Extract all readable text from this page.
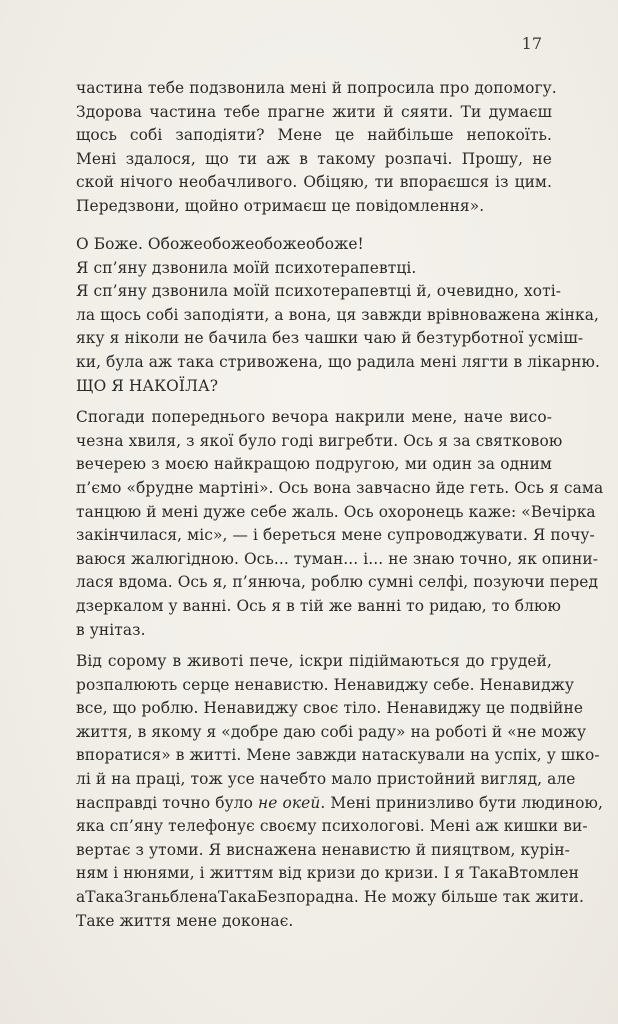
17
частина тебе подзвонила мені й попросила про допомогу.
Здорова частина тебе прагне жити й сяяти. Ти думаєш
щось собі заподіяти? Мене це найбільше непокоїть.
Мені здалося, що ти аж в такому розпачі. Прошу, не
ской нічого необачливого. Обіцяю, ти впораєшся із цим.
Передзвони, щойно отримаєш це повідомлення».
О Боже. Обожеобожеобожеобоже!
Я сп’яну дзвонила моїй психотерапевтці.
Я сп’яну дзвонила моїй психотерапевтці й, очевидно, хоті-
ла щось собі заподіяти, а вона, ця завжди врівноважена жінка,
яку я ніколи не бачила без чашки чаю й безтурботної усміш-
ки, була аж така стривожена, що радила мені лягти в лікарню.
ЩО Я НАКОЇЛА?
Спогади попереднього вечора накрили мене, наче висо-
чезна хвиля, з якої було годі вигребти. Ось я за святковою
вечерею з моєю найкращою подругою, ми один за одним
п’ємо «брудне мартіні». Ось вона завчасно йде геть. Ось я сама
танцюю й мені дуже себе жаль. Ось охоронець каже: «Вечірка
закінчилася, міс», — і береться мене супроводжувати. Я почу-
ваюся жалюгідною. Ось... туман... і... не знаю точно, як опини-
лася вдома. Ось я, п’янюча, роблю сумні селфі, позуючи перед
дзеркалом у ванні. Ось я в тій же ванні то ридаю, то блюю
в унітаз.
Від сорому в животі пече, іскри підіймаються до грудей,
розпалюють серце ненавистю. Ненавиджу себе. Ненавиджу
все, що роблю. Ненавиджу своє тіло. Ненавиджу це подвійне
життя, в якому я «добре даю собі раду» на роботі й «не можу
впоратися» в житті. Мене завжди натаскували на успіх, у шко-
лі й на праці, тож усе начебто мало пристойний вигляд, але
насправді точно було не окей. Мені принизливо бути людиною,
яка сп’яну телефонує своєму психологові. Мені аж кишки ви-
вертає з утоми. Я виснажена ненавистю й пияцтвом, курін-
ням і нюнями, і життям від кризи до кризи. І я ТакаВтомлен
аТакаЗганьбленаТакаБезпорадна. Не можу більше так жити.
Таке життя мене доконає.
